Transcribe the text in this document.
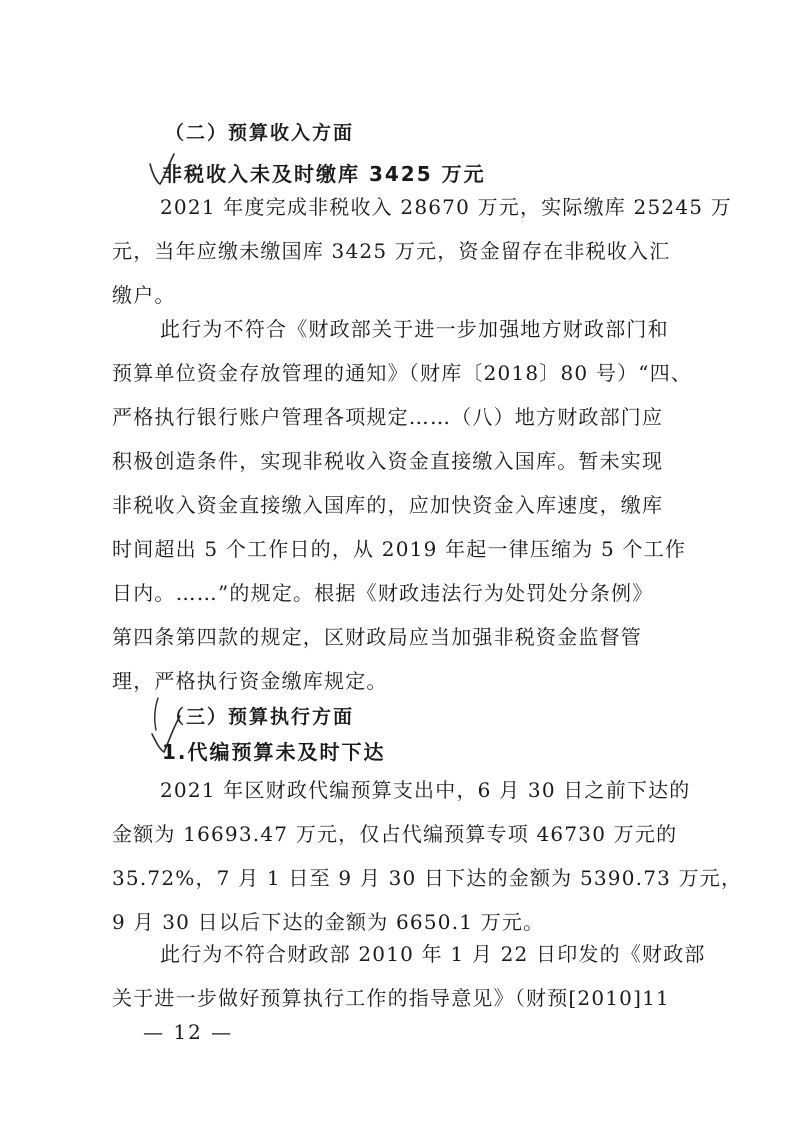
（二）预算收入方面
非税收入未及时缴库 3425 万元
2021 年度完成非税收入 28670 万元，实际缴库 25245 万
元，当年应缴未缴国库 3425 万元，资金留存在非税收入汇
缴户。
此行为不符合《财政部关于进一步加强地方财政部门和
预算单位资金存放管理的通知》（财库〔2018〕80 号）“四、
严格执行银行账户管理各项规定……（八）地方财政部门应
积极创造条件，实现非税收入资金直接缴入国库。暂未实现
非税收入资金直接缴入国库的，应加快资金入库速度，缴库
时间超出 5 个工作日的，从 2019 年起一律压缩为 5 个工作
日内。……”的规定。根据《财政违法行为处罚处分条例》
第四条第四款的规定，区财政局应当加强非税资金监督管
理，严格执行资金缴库规定。
（三）预算执行方面
1.代编预算未及时下达
2021 年区财政代编预算支出中，6 月 30 日之前下达的
金额为 16693.47 万元，仅占代编预算专项 46730 万元的
35.72%，7 月 1 日至 9 月 30 日下达的金额为 5390.73 万元，
9 月 30 日以后下达的金额为 6650.1 万元。
此行为不符合财政部 2010 年 1 月 22 日印发的《财政部
关于进一步做好预算执行工作的指导意见》（财预[2010]11
— 12 —
